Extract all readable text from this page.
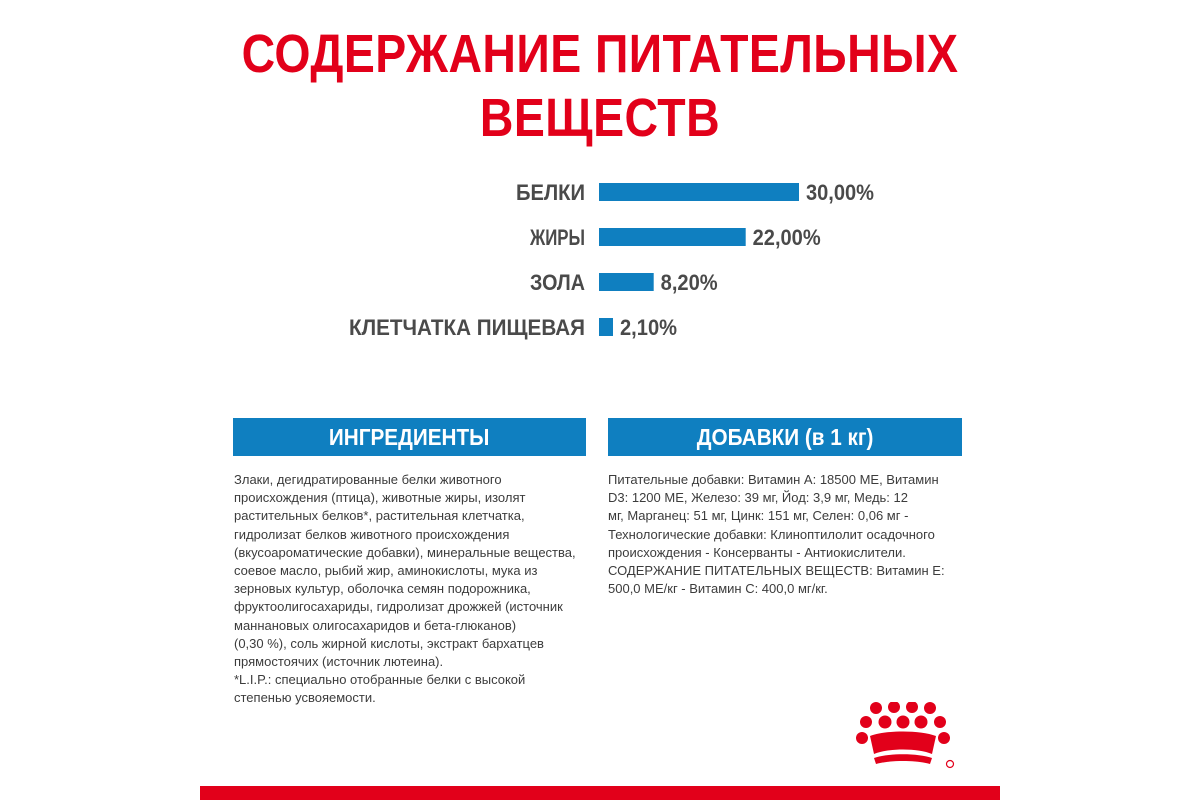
СОДЕРЖАНИЕ ПИТАТЕЛЬНЫХ
ВЕЩЕСТВ
БЕЛКИ	30,00%
ЖИРЫ	22,00%
ЗОЛА	8,20%
КЛЕТЧАТКА ПИЩЕВАЯ 2,10%
ИНГРЕДИЕНТЫ

Злаки, дегидратированные белки животного
происхождения (птица), животные жиры, изолят
растительных белков*, растительная клетчатка,
гидролизат белков животного происхождения
(вкусоароматические добавки), минеральные вещества,
соевое масло, рыбий жир, аминокислоты, мука из
зерновых культур, оболочка семян подорожника,
фруктоолигосахариды, гидролизат дрожжей (источник
маннановых олигосахаридов и бета-глюканов)
(0,30 %), соль жирной кислоты, экстракт бархатцев
прямостоячих (источник лютеина).
*L.I.P.: специально отобранные белки с высокой
степенью усвояемости.

ДОБАВКИ (в 1 кг)

Питательные добавки: Витамин А: 18500 МЕ, Витамин
D3: 1200 МЕ, Железо: 39 мг, Йод: 3,9 мг, Медь: 12
мг, Марганец: 51 мг, Цинк: 151 мг, Селен: 0,06 мг -
Технологические добавки: Клиноптилолит осадочного
происхождения - Консерванты - Антиокислители.
СОДЕРЖАНИЕ ПИТАТЕЛЬНЫХ ВЕЩЕСТВ: Витамин Е:
500,0 МЕ/кг - Витамин С: 400,0 мг/кг.
